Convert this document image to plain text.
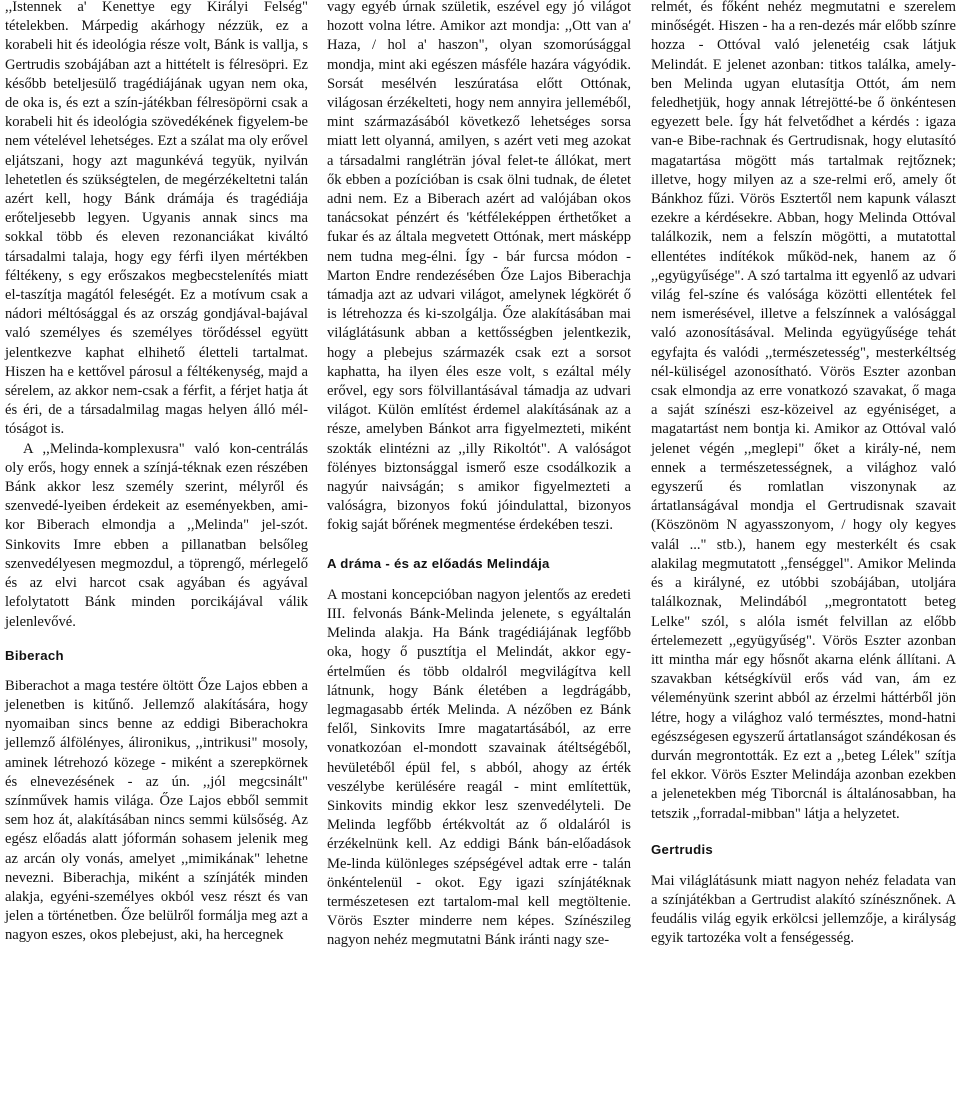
,,Istennek a' Kenettye egy Királyi Felség" tételekben. Márpedig akárhogy nézzük, ez a korabeli hit és ideológia része volt, Bánk is vallja, s Gertrudis szobájában azt a hittételt is félresöpri. Ez később beteljesülő tragédiájának ugyan nem oka, de oka is, és ezt a szín-játékban félresöpörni csak a korabeli hit és ideológia szövedékének figyelem-be nem vételével lehetséges. Ezt a szálat ma oly erővel eljátszani, hogy azt magunkévá tegyük, nyilván lehetetlen és szükségtelen, de megérzékeltetni talán azért kell, hogy Bánk drámája és tragédiája erőteljesebb legyen. Ugyanis annak sincs ma sokkal több és eleven rezonanciákat kiváltó társadalmi talaja, hogy egy férfi ilyen mértékben féltékeny, s egy erőszakos megbecstelenítés miatt el-taszítja magától feleségét. Ez a motívum csak a nádori méltósággal és az ország gondjával-bajával való személyes és személyes törődéssel együtt jelentkezve kaphat elhihető életteli tartalmat. Hiszen ha e kettővel párosul a féltékenység, majd a sérelem, az akkor nem-csak a férfit, a férjet hatja át és éri, de a társadalmilag magas helyen álló mél-tóságot is.

A ,,Melinda-komplexusra" való kon-centrálás oly erős, hogy ennek a színjá-téknak ezen részében Bánk akkor lesz személy szerint, mélyről és szenvedé-lyeiben érdekeit az eseményekben, ami-kor Biberach elmondja a ,,Melinda" jel-szót. Sinkovits Imre ebben a pillanatban belsőleg szenvedélyesen megmozdul, a töprengő, mérlegelő és az elvi harcot csak agyában és agyával lefolytatott Bánk minden porcikájával válik jelenlevővé.

Biberach

Biberachot a maga testére öltött Őze Lajos ebben a jelenetben is kitűnő. Jellemző alakítására, hogy nyomaiban sincs benne az eddigi Biberachokra jellemző álfölényes, álironikus, ,,intrikusi" mosoly, aminek létrehozó közege - miként a szerepkörnek és elnevezésének - az ún. ,,jól megcsinált" színművek hamis világa. Őze Lajos ebből semmit sem hoz át, alakításában nincs semmi külsőség. Az egész előadás alatt jóformán sohasem jelenik meg az arcán oly vonás, amelyet ,,mimikának" lehetne nevezni. Biberachja, miként a színjáték minden alakja, egyéni-személyes okból vesz részt és van jelen a történetben. Őze belülről formálja meg azt a nagyon eszes, okos plebejust, aki, ha hercegnek

vagy egyéb úrnak születik, eszével egy jó világot hozott volna létre. Amikor azt mondja: ,,Ott van a' Haza, / hol a' haszon", olyan szomorúsággal mondja, mint aki egészen másféle hazára vágyódik. Sorsát mesélvén leszúratása előtt Ottónak, világosan érzékelteti, hogy nem annyira jelleméből, mint származásából következő lehetséges sorsa miatt lett olyanná, amilyen, s azért veti meg azokat a társadalmi rangléträn jóval felet-te állókat, mert ők ebben a pozícióban is csak ölni tudnak, de életet adni nem. Ez a Biberach azért ad valójában okos tanácsokat pénzért és 'kétféleképpen érthetőket a fukar és az általa megvetett Ottónak, mert másképp nem tudna meg-élni. Így - bár furcsa módon - Marton Endre rendezésében Őze Lajos Biberachja támadja azt az udvari világot, amelynek légkörét ő is létrehozza és ki-szolgálja. Őze alakításában mai világlátásunk abban a kettősségben jelentkezik, hogy a plebejus származék csak ezt a sorsot kaphatta, ha ilyen éles esze volt, s ezáltal mély erővel, egy sors fölvillantásával támadja az udvari világot. Külön említést érdemel alakításának az a része, amelyben Bánkot arra figyelmezteti, miként szokták elintézni az ,,illy Rikoltót". A valóságot fölényes biztonsággal ismerő esze csodálkozik a nagyúr naivságán; s amikor figyelmezteti a valóságra, bizonyos fokú jóindulattal, bizonyos fokig saját bőrének megmentése érdekében teszi.

A dráma - és az előadás Melindája

A mostani koncepcióban nagyon jelentős az eredeti III. felvonás Bánk-Melinda jelenete, s egyáltalán Melinda alakja. Ha Bánk tragédiájának legfőbb oka, hogy ő pusztítja el Melindát, akkor egy-értelműen és több oldalról megvilágítva kell látnunk, hogy Bánk életében a legdrágább, legmagasabb érték Melinda. A nézőben ez Bánk felől, Sinkovits Imre magatartásából, az erre vonatkozóan el-mondott szavainak átéltségéből, hevületéből épül fel, s abból, ahogy az érték veszélybe kerülésére reagál - mint említettük, Sinkovits mindig ekkor lesz szenvedélyteli. De Melinda legfőbb értékvoltát az ő oldaláról is érzékelnünk kell. Az eddigi Bánk bán-előadások Me-linda különleges szépségével adtak erre - talán önkéntelenül - okot. Egy igazi színjátéknak természetesen ezt tartalom-mal kell megtöltenie. Vörös Eszter minderre nem képes. Színészileg nagyon nehéz megmutatni Bánk iránti nagy sze-

relmét, és főként nehéz megmutatni e szerelem minőségét. Hiszen - ha a ren-dezés már előbb színre hozza - Ottóval való jelenetéig csak látjuk Melindát. E jelenet azonban: titkos találka, amely-ben Melinda ugyan elutasítja Ottót, ám nem feledhetjük, hogy annak létrejötté-be ő önkéntesen egyezett bele. Így hát felvetődhet a kérdés : igaza van-e Bibe-rachnak és Gertrudisnak, hogy elutasító magatartása mögött más tartalmak rejtőznek; illetve, hogy milyen az a sze-relmi erő, amely őt Bánkhoz fűzi. Vörös Esztertől nem kapunk választ ezekre a kérdésekre. Abban, hogy Melinda Ottóval találkozik, nem a felszín mögötti, a mutatottal ellentétes indítékok működ-nek, hanem az ő ,,együgyűsége". A szó tartalma itt egyenlő az udvari világ fel-színe és valósága közötti ellentétek fel nem ismerésével, illetve a felszínnek a valósággal való azonosításával. Melinda együgyűsége tehát egyfajta és valódi ,,természetesség", mesterkéltség nél-küliségel azonosítható. Vörös Eszter azonban csak elmondja az erre vonatkozó szavakat, ő maga a saját színészi esz-közeivel az egyéniséget, a magatartást nem bontja ki. Amikor az Ottóval való jelenet végén ,,meglepi" őket a király-né, nem ennek a természetességnek, a világhoz való egyszerű és romlatlan viszonynak az ártatlanságával mondja el Gertrudisnak szavait (Köszönöm N agyasszonyom, / hogy oly kegyes valál ..." stb.), hanem egy mesterkélt és csak alakilag megmutatott ,,fenséggel". Amikor Melinda és a királyné, ez utóbbi szobájában, utoljára találkoznak, Melindából ,,megrontatott beteg Lelke" szól, s alóla ismét felvillan az előbb értelemezett ,,együgyűség". Vörös Eszter azonban itt mintha már egy hősnőt akarna elénk állítani. A szavakban kétségkívül erős vád van, ám ez véleményünk szerint abból az érzelmi háttérből jön létre, hogy a világhoz való természtes, mond-hatni egészségesen egyszerű ártatlanságot szándékosan és durván megrontották. Ez ezt a ,,beteg Lélek" szítja fel ekkor. Vörös Eszter Melindája azonban ezekben a jelenetekben még Tiborcnál is általánosabban, ha tetszik ,,forradal-mibban" látja a helyzetet.

Gertrudis

Mai világlátásunk miatt nagyon nehéz feladata van a színjátékban a Gertrudist alakító színésznőnek. A feudális világ egyik erkölcsi jellemzője, a királyság egyik tartozéka volt a fenségesség.
